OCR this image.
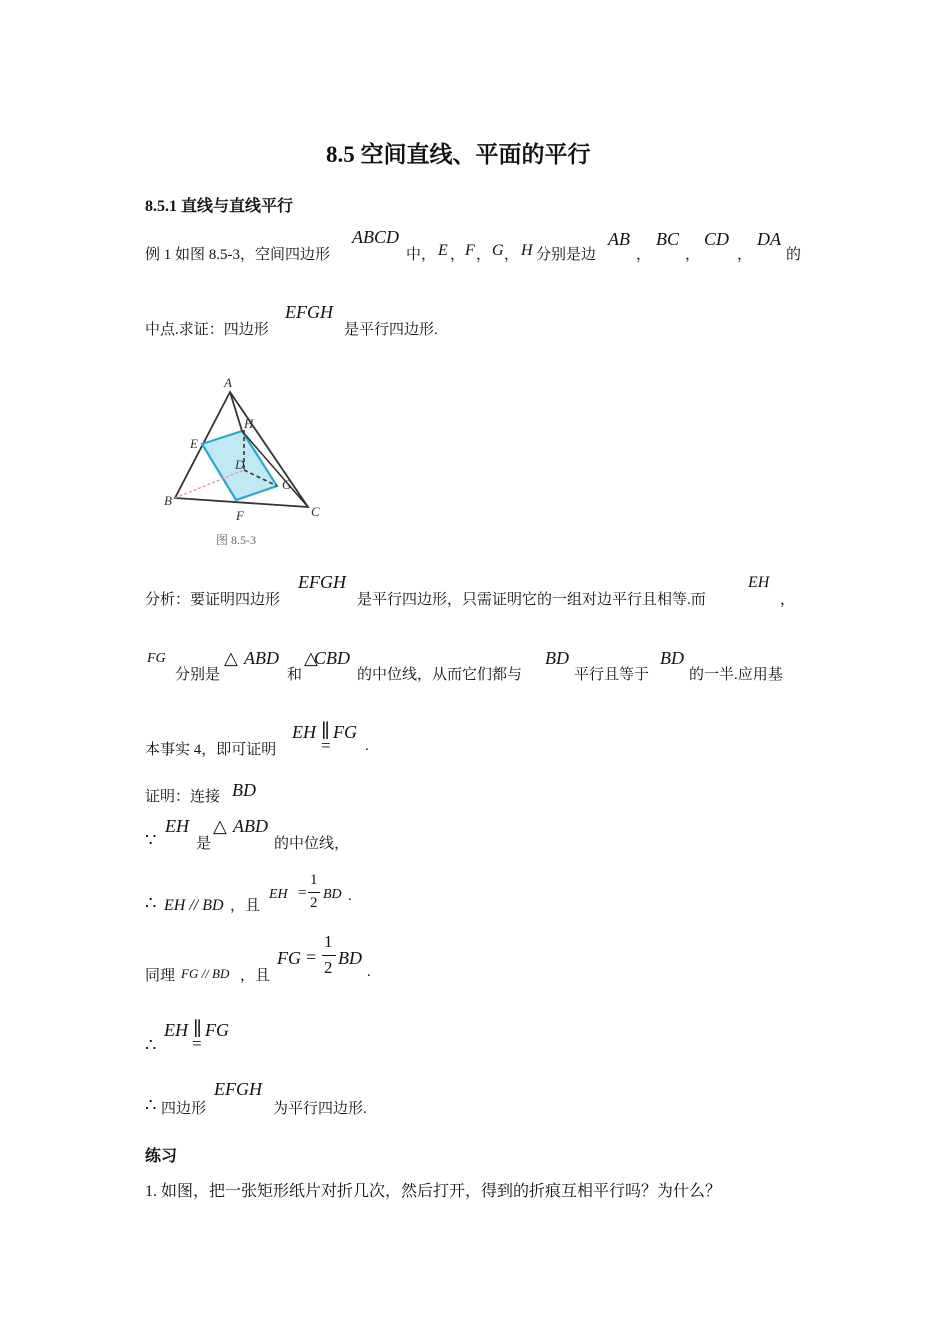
8.5 空间直线、平面的平行
8.5.1 直线与直线平行
例 1 如图 8.5-3，空间四边形
ABCD
中， E ， F ， G ， H 分别是边
AB
，
BC
，
CD
，
DA
的
中点.求证：四边形
EFGH
是平行四边形.
A
H
E
D
G
B
F	C
图 8.5-3
分析：要证明四边形
EFGH
是平行四边形，只需证明它的一组对边平行且相等.而
EH
，
FG
分别是
△ ABD
和
△
CBD
的中位线，从而它们都与
BD
平行且等于
BD
的一半.应用基
本事实 4，即可证明
EH ∥
=
FG
.
证明：连接 BD
∵
EH
是
△ ABD
的中位线，
∴ EH // BD ，且
EH =
1
2
BD .
同理 FG // BD ，且
FG =
1
2 BD
.
∴
EH ∥
=
FG
∴ 四边形
EFGH
为平行四边形.
练习
1. 如图，把一张矩形纸片对折几次，然后打开，得到的折痕互相平行吗？为什么？
